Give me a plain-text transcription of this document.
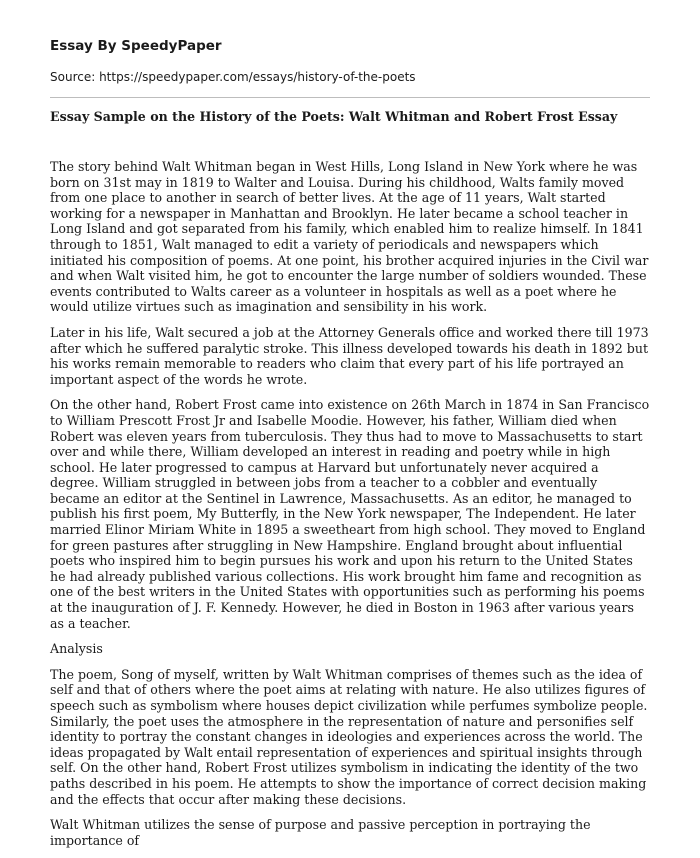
Essay By SpeedyPaper
Source: https://speedypaper.com/essays/history-of-the-poets
Essay Sample on the History of the Poets: Walt Whitman and Robert Frost Essay

The story behind Walt Whitman began in West Hills, Long Island in New York where he was born on 31st may in 1819 to Walter and Louisa. During his childhood, Walts family moved from one place to another in search of better lives. At the age of 11 years, Walt started working for a newspaper in Manhattan and Brooklyn. He later became a school teacher in Long Island and got separated from his family, which enabled him to realize himself. In 1841 through to 1851, Walt managed to edit a variety of periodicals and newspapers which initiated his composition of poems. At one point, his brother acquired injuries in the Civil war and when Walt visited him, he got to encounter the large number of soldiers wounded. These events contributed to Walts career as a volunteer in hospitals as well as a poet where he would utilize virtues such as imagination and sensibility in his work.

Later in his life, Walt secured a job at the Attorney Generals office and worked there till 1973 after which he suffered paralytic stroke. This illness developed towards his death in 1892 but his works remain memorable to readers who claim that every part of his life portrayed an important aspect of the words he wrote.

On the other hand, Robert Frost came into existence on 26th March in 1874 in San Francisco to William Prescott Frost Jr and Isabelle Moodie. However, his father, William died when Robert was eleven years from tuberculosis. They thus had to move to Massachusetts to start over and while there, William developed an interest in reading and poetry while in high school. He later progressed to campus at Harvard but unfortunately never acquired a degree. William struggled in between jobs from a teacher to a cobbler and eventually became an editor at the Sentinel in Lawrence, Massachusetts. As an editor, he managed to publish his first poem, My Butterfly, in the New York newspaper, The Independent. He later married Elinor Miriam White in 1895 a sweetheart from high school. They moved to England for green pastures after struggling in New Hampshire. England brought about influential poets who inspired him to begin pursues his work and upon his return to the United States he had already published various collections. His work brought him fame and recognition as one of the best writers in the United States with opportunities such as performing his poems at the inauguration of J. F. Kennedy. However, he died in Boston in 1963 after various years as a teacher.

Analysis

The poem, Song of myself, written by Walt Whitman comprises of themes such as the idea of self and that of others where the poet aims at relating with nature. He also utilizes figures of speech such as symbolism where houses depict civilization while perfumes symbolize people. Similarly, the poet uses the atmosphere in the representation of nature and personifies self identity to portray the constant changes in ideologies and experiences across the world. The ideas propagated by Walt entail representation of experiences and spiritual insights through self. On the other hand, Robert Frost utilizes symbolism in indicating the identity of the two paths described in his poem. He attempts to show the importance of correct decision making and the effects that occur after making these decisions.

Walt Whitman utilizes the sense of purpose and passive perception in portraying the importance of
